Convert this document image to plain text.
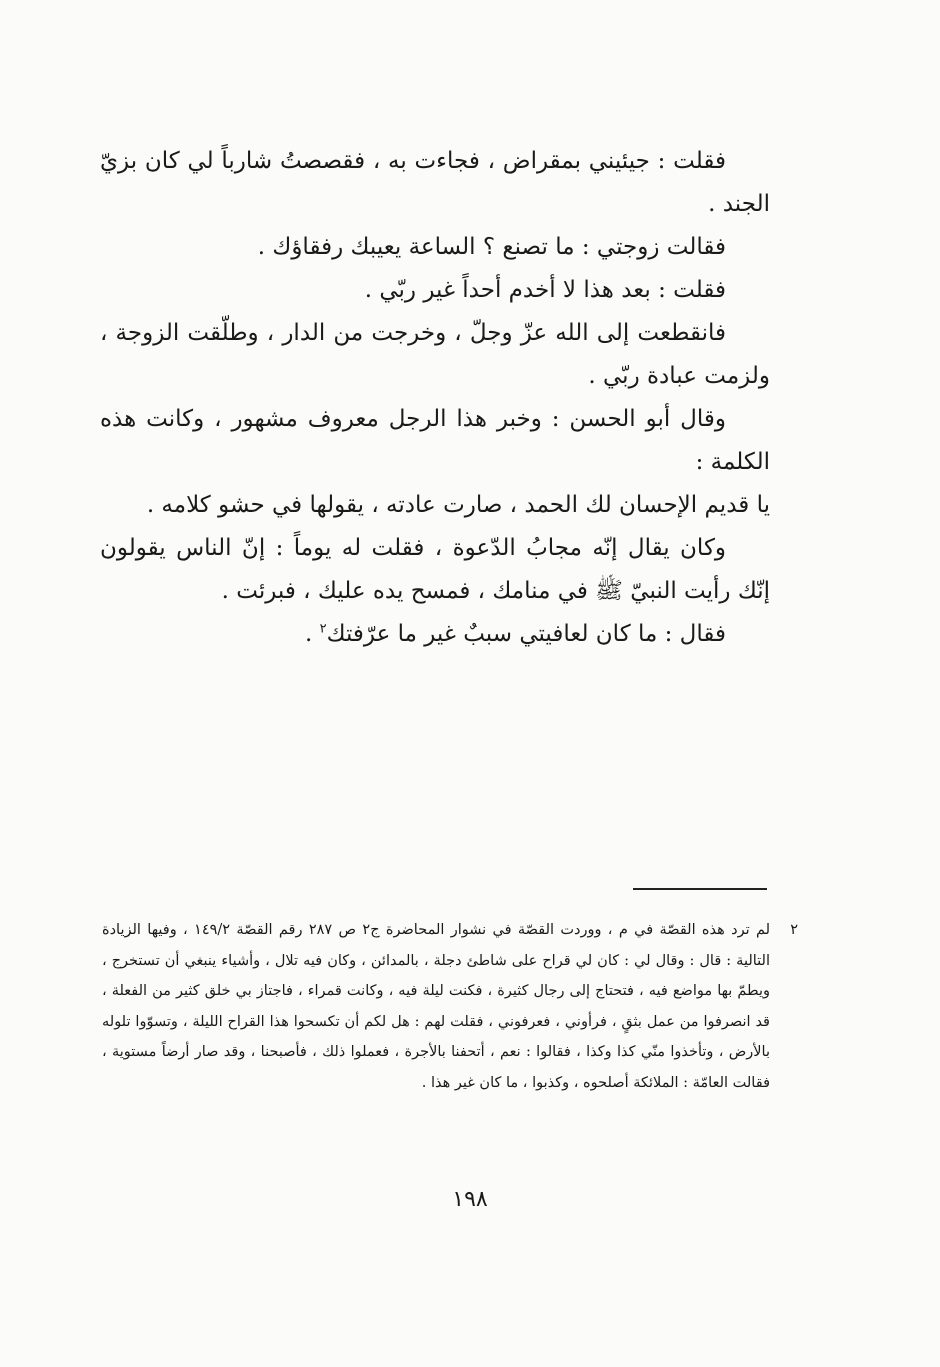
فقلت : جيئيني بمقراض ، فجاءت به ، فقصصتُ شارباً لي كان بزيّ الجند .

فقالت زوجتي : ما تصنع ؟ الساعة يعيبك رفقاؤك .

فقلت : بعد هذا لا أخدم أحداً غير ربّي .

فانقطعت إلى الله عزّ وجلّ ، وخرجت من الدار ، وطلّقت الزوجة ، ولزمت عبادة ربّي .

وقال أبو الحسن : وخبر هذا الرجل معروف مشهور ، وكانت هذه الكلمة :

يا قديم الإحسان لك الحمد ، صارت عادته ، يقولها في حشو كلامه .

وكان يقال إنّه مجابُ الدّعوة ، فقلت له يوماً : إنّ الناس يقولون إنّك رأيت النبيّ ﷺ في منامك ، فمسح يده عليك ، فبرئت .

فقال : ما كان لعافيتي سببٌ غير ما عرّفتك$^٢$ .

٢
لم ترد هذه القصّة في م ، ووردت القصّة في نشوار المحاضرة ج٢ ص ٢٨٧ رقم القصّة ١٤٩/٢ ، وفيها الزيادة التالية : قال : وقال لي : كان لي قراح على شاطئ دجلة ، بالمدائن ، وكان فيه تلال ، وأشياء ينبغي أن تستخرج ، ويطمّ بها مواضع فيه ، فتحتاج إلى رجال كثيرة ، فكنت ليلة فيه ، وكانت قمراء ، فاجتاز بي خلق كثير من الفعلة ، قد انصرفوا من عمل بثقٍ ، فرأوني ، فعرفوني ، فقلت لهم : هل لكم أن تكسحوا هذا القراح الليلة ، وتسوّوا تلوله بالأرض ، وتأخذوا منّي كذا وكذا ، فقالوا : نعم ، أتحفنا بالأجرة ، فعملوا ذلك ، فأصبحنا ، وقد صار أرضاً مستوية ، فقالت العامّة : الملائكة أصلحوه ، وكذبوا ، ما كان غير هذا .
١٩٨
